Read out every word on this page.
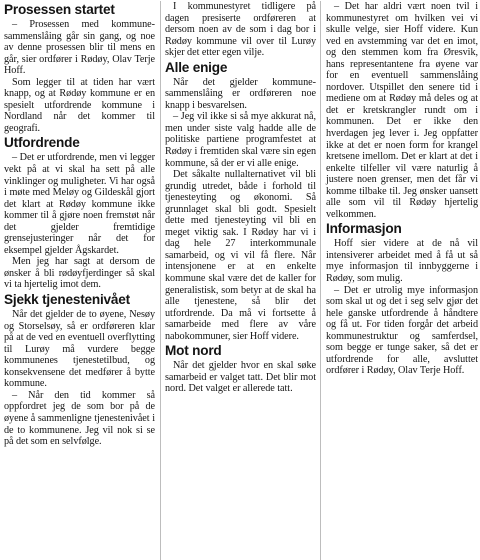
Prosessen startet

– Prosessen med kommunesammenslåing går sin gang, og noe av denne prosessen blir til mens en går, sier ordfører i Rødøy, Olav Terje Hoff.

Som legger til at tiden har vært knapp, og at Rødøy kommune er en spesielt utfordrende kommune i Nordland når det kommer til geografi.

Utfordrende

– Det er utfordrende, men vi legger vekt på at vi skal ha sett på alle vinklinger og muligheter. Vi har også i møte med Meløy og Gildeskål gjort det klart at Rødøy kommune ikke kommer til å gjøre noen fremstøt når det gjelder fremtidige grensejusteringer når det for eksempel gjelder Ågskardet.

Men jeg har sagt at dersom de ønsker å bli rødøyfjerdinger så skal vi ta hjertelig imot dem.

Sjekk tjenestenivået

Når det gjelder de to øyene, Nesøy og Storselsøy, så er ordføreren klar på at de ved en eventuell overflytting til Lurøy må vurdere begge kommunenes tjenestetilbud, og konsekvensene det medfører å bytte kommune.

– Når den tid kommer så oppfordret jeg de som bor på de øyene å sammenligne tjenestenivået i de to kommunene. Jeg vil nok si se på det som en selvfølge.

I kommunestyret tidligere på dagen presiserte ordføreren at dersom noen av de som i dag bor i Rødøy kommune vil over til Lurøy skjer det etter egen vilje.

Alle enige

Når det gjelder kommunesammenslåing er ordføreren noe knapp i besvarelsen.

– Jeg vil ikke si så mye akkurat nå, men under siste valg hadde alle de politiske partiene programfestet at Rødøy i fremtiden skal være sin egen kommune, så der er vi alle enige.

Det såkalte nullalternativet vil bli grundig utredet, både i forhold til tjenesteyting og økonomi. Så grunnlaget skal bli godt. Spesielt dette med tjenesteyting vil bli en meget viktig sak. I Rødøy har vi i dag hele 27 interkommunale samarbeid, og vi vil få flere. Når intensjonene er at en enkelte kommune skal være det de kaller for generalistisk, som betyr at de skal ha alle tjenestene, så blir det utfordrende. Da må vi fortsette å samarbeide med flere av våre nabokommuner, sier Hoff videre.

Mot nord

Når det gjelder hvor en skal søke samarbeid er valget tatt. Det blir mot nord. Det valget er allerede tatt.

– Det har aldri vært noen tvil i kommunestyret om hvilken vei vi skulle velge, sier Hoff videre. Kun ved en avstemming var det en imot, og den stemmen kom fra Øresvik, hans representantene fra øyene var for en eventuell sammenslåing nordover. Utspillet den senere tid i mediene om at Rødøy må deles og at det er kretskrangler rundt om i kommunen. Det er ikke den hverdagen jeg lever i. Jeg oppfatter ikke at det er noen form for krangel kretsene imellom. Det er klart at det i enkelte tilfeller vil være naturlig å justere noen grenser, men det får vi komme tilbake til. Jeg ønsker uansett alle som vil til Rødøy hjertelig velkommen.

Informasjon

Hoff sier videre at de nå vil intensiverer arbeidet med å få ut så mye informasjon til innbyggerne i Rødøy, som mulig.

– Det er utrolig mye informasjon som skal ut og det i seg selv gjør det hele ganske utfordrende å håndtere og få ut. For tiden forgår det arbeid kommunestruktur og samferdsel, som begge er tunge saker, så det er utfordrende for alle, avsluttet ordfører i Rødøy, Olav Terje Hoff.
